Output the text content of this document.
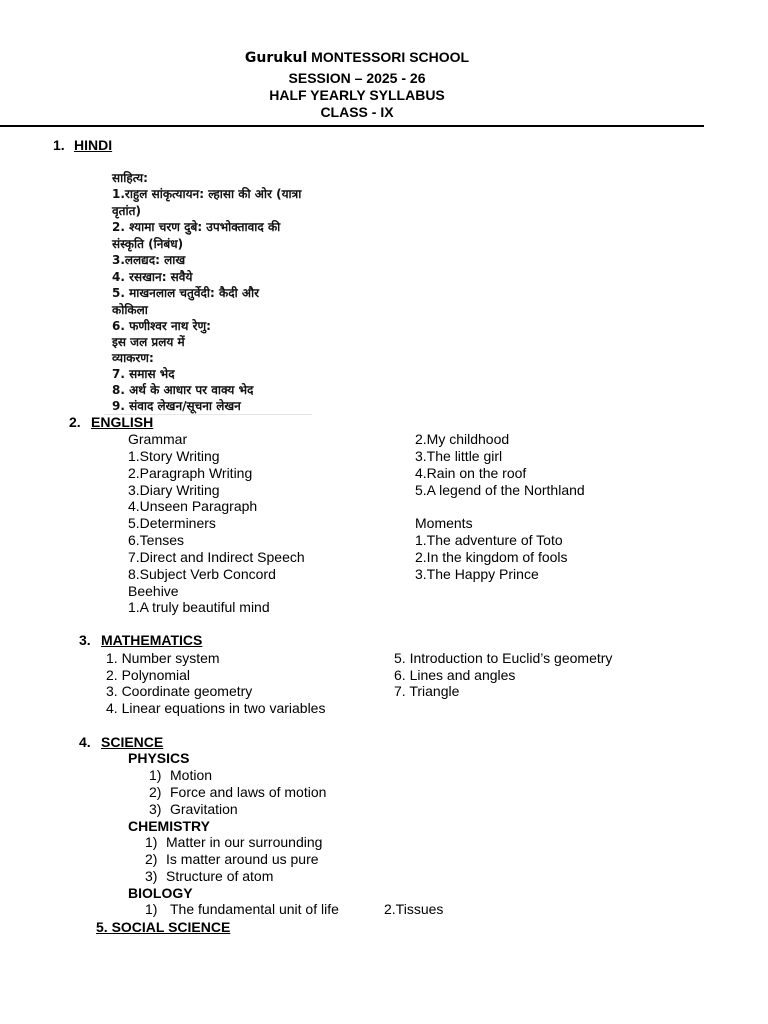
Gurukul MONTESSORI SCHOOL
SESSION – 2025 - 26
HALF YEARLY SYLLABUS
CLASS - IX
1. HINDI
साहित्य:
1.राहुल सांकृत्यायन: ल्हासा की ओर (यात्रा
वृतांत)
2. श्यामा चरण दुबे: उपभोक्तावाद की
संस्कृति (निबंध)
3.ललद्यद: लाख
4. रसखान: सवैये
5. माखनलाल चतुर्वेदी: कैदी और
कोकिला
6. फणीश्वर नाथ रेणु:
इस जल प्रलय में
व्याकरण:
7. समास भेद
8. अर्थ के आधार पर वाक्य भेद
9. संवाद लेखन/सूचना लेखन
2. ENGLISH
Grammar
1.Story Writing
2.Paragraph Writing
3.Diary Writing
4.Unseen Paragraph
5.Determiners
6.Tenses
7.Direct and Indirect Speech
8.Subject Verb Concord
Beehive
1.A truly beautiful mind
2.My childhood
3.The little girl
4.Rain on the roof
5.A legend of the Northland
Moments
1.The adventure of Toto
2.In the kingdom of fools
3.The Happy Prince
3. MATHEMATICS
1. Number system
2. Polynomial
3. Coordinate geometry
4. Linear equations in two variables
5. Introduction to Euclid’s geometry
6. Lines and angles
7. Triangle
4. SCIENCE
PHYSICS
1) Motion
2) Force and laws of motion
3) Gravitation
CHEMISTRY
1) Matter in our surrounding
2) Is matter around us pure
3) Structure of atom
BIOLOGY
1) The fundamental unit of life	2.Tissues
5. SOCIAL SCIENCE
